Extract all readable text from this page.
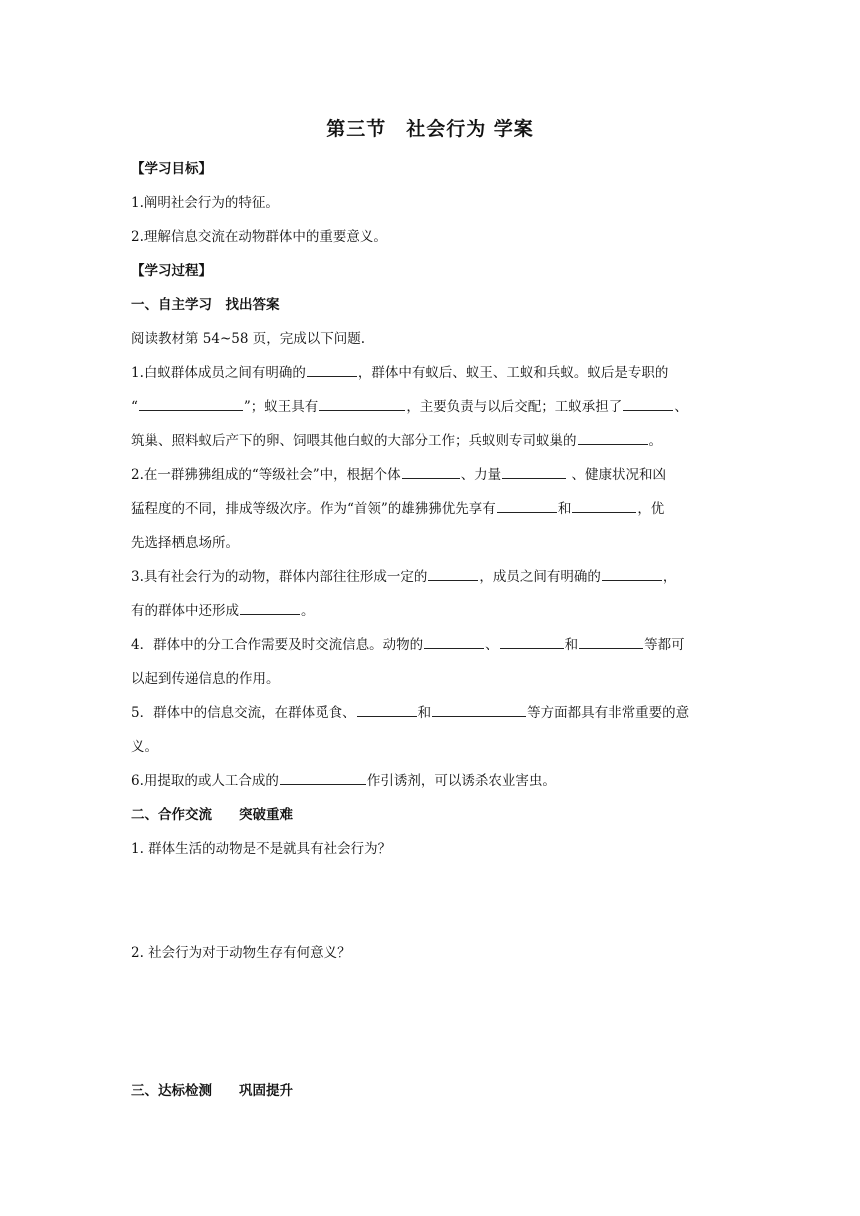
第三节　社会行为 学案
【学习目标】
1.阐明社会行为的特征。
2.理解信息交流在动物群体中的重要意义。
【学习过程】
一、自主学习　找出答案
阅读教材第 54~58 页，完成以下问题.
1.白蚁群体成员之间有明确的	，群体中有蚁后、蚁王、工蚁和兵蚁。蚁后是专职的
“	”；蚁王具有	，主要负责与以后交配；工蚁承担了	、
筑巢、照料蚁后产下的卵、饲喂其他白蚁的大部分工作；兵蚁则专司蚁巢的	。
2.在一群狒狒组成的“等级社会”中，根据个体	、力量	、健康状况和凶
猛程度的不同，排成等级次序。作为“首领”的雄狒狒优先享有	和	，优
先选择栖息场所。
3.具有社会行为的动物，群体内部往往形成一定的	，成员之间有明确的	，
有的群体中还形成	。
4．群体中的分工合作需要及时交流信息。动物的	、	和	等都可
以起到传递信息的作用。
5．群体中的信息交流，在群体觅食、	和	等方面都具有非常重要的意
义。
6.用提取的或人工合成的	作引诱剂，可以诱杀农业害虫。
二、合作交流　　突破重难
1. 群体生活的动物是不是就具有社会行为？
2. 社会行为对于动物生存有何意义？
三、达标检测　　巩固提升
